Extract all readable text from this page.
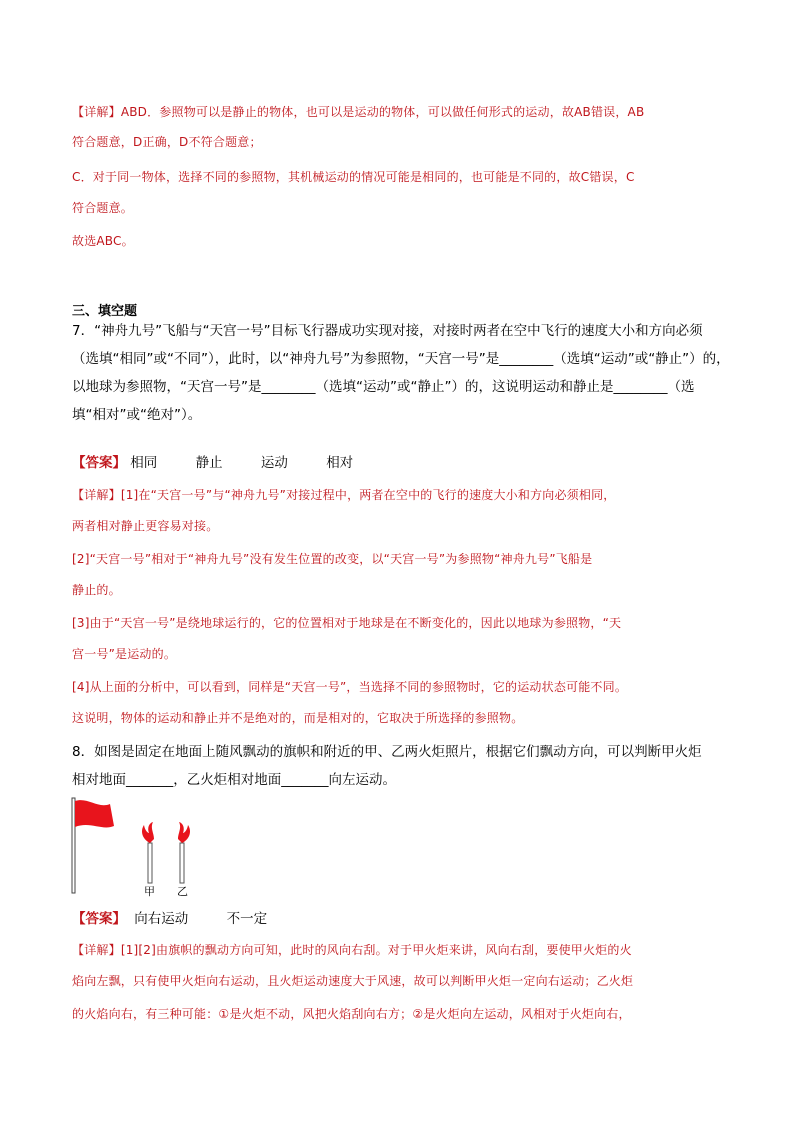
【详解】ABD．参照物可以是静止的物体，也可以是运动的物体，可以做任何形式的运动，故AB错误，AB
符合题意，D正确，D不符合题意；
C．对于同一物体，选择不同的参照物，其机械运动的情况可能是相同的，也可能是不同的，故C错误，C
符合题意。
故选ABC。
三、填空题
7．“神舟九号”飞船与“天宫一号”目标飞行器成功实现对接，对接时两者在空中飞行的速度大小和方向必须
（选填“相同”或“不同”），此时，以“神舟九号”为参照物，“天宫一号”是________（选填“运动”或“静止”）的，
以地球为参照物，“天宫一号”是________（选填“运动”或“静止”）的，这说明运动和静止是________（选
填“相对”或“绝对”）。
【答案】 相同	静止	运动	相对
【详解】[1]在“天宫一号”与“神舟九号”对接过程中，两者在空中的飞行的速度大小和方向必须相同，
两者相对静止更容易对接。
[2]“天宫一号”相对于“神舟九号”没有发生位置的改变，以“天宫一号”为参照物“神舟九号”飞船是
静止的。
[3]由于“天宫一号”是绕地球运行的，它的位置相对于地球是在不断变化的，因此以地球为参照物，“天
宫一号”是运动的。
[4]从上面的分析中，可以看到，同样是“天宫一号”，当选择不同的参照物时，它的运动状态可能不同。
这说明，物体的运动和静止并不是绝对的，而是相对的，它取决于所选择的参照物。
8．如图是固定在地面上随风飘动的旗帜和附近的甲、乙两火炬照片，根据它们飘动方向，可以判断甲火炬
相对地面_______，乙火炬相对地面_______向左运动。
甲 乙
【答案】 向右运动	不一定
【详解】[1][2]由旗帜的飘动方向可知，此时的风向右刮。对于甲火炬来讲，风向右刮，要使甲火炬的火
焰向左飘，只有使甲火炬向右运动，且火炬运动速度大于风速，故可以判断甲火炬一定向右运动；乙火炬
的火焰向右，有三种可能：①是火炬不动，风把火焰刮向右方；②是火炬向左运动，风相对于火炬向右，
